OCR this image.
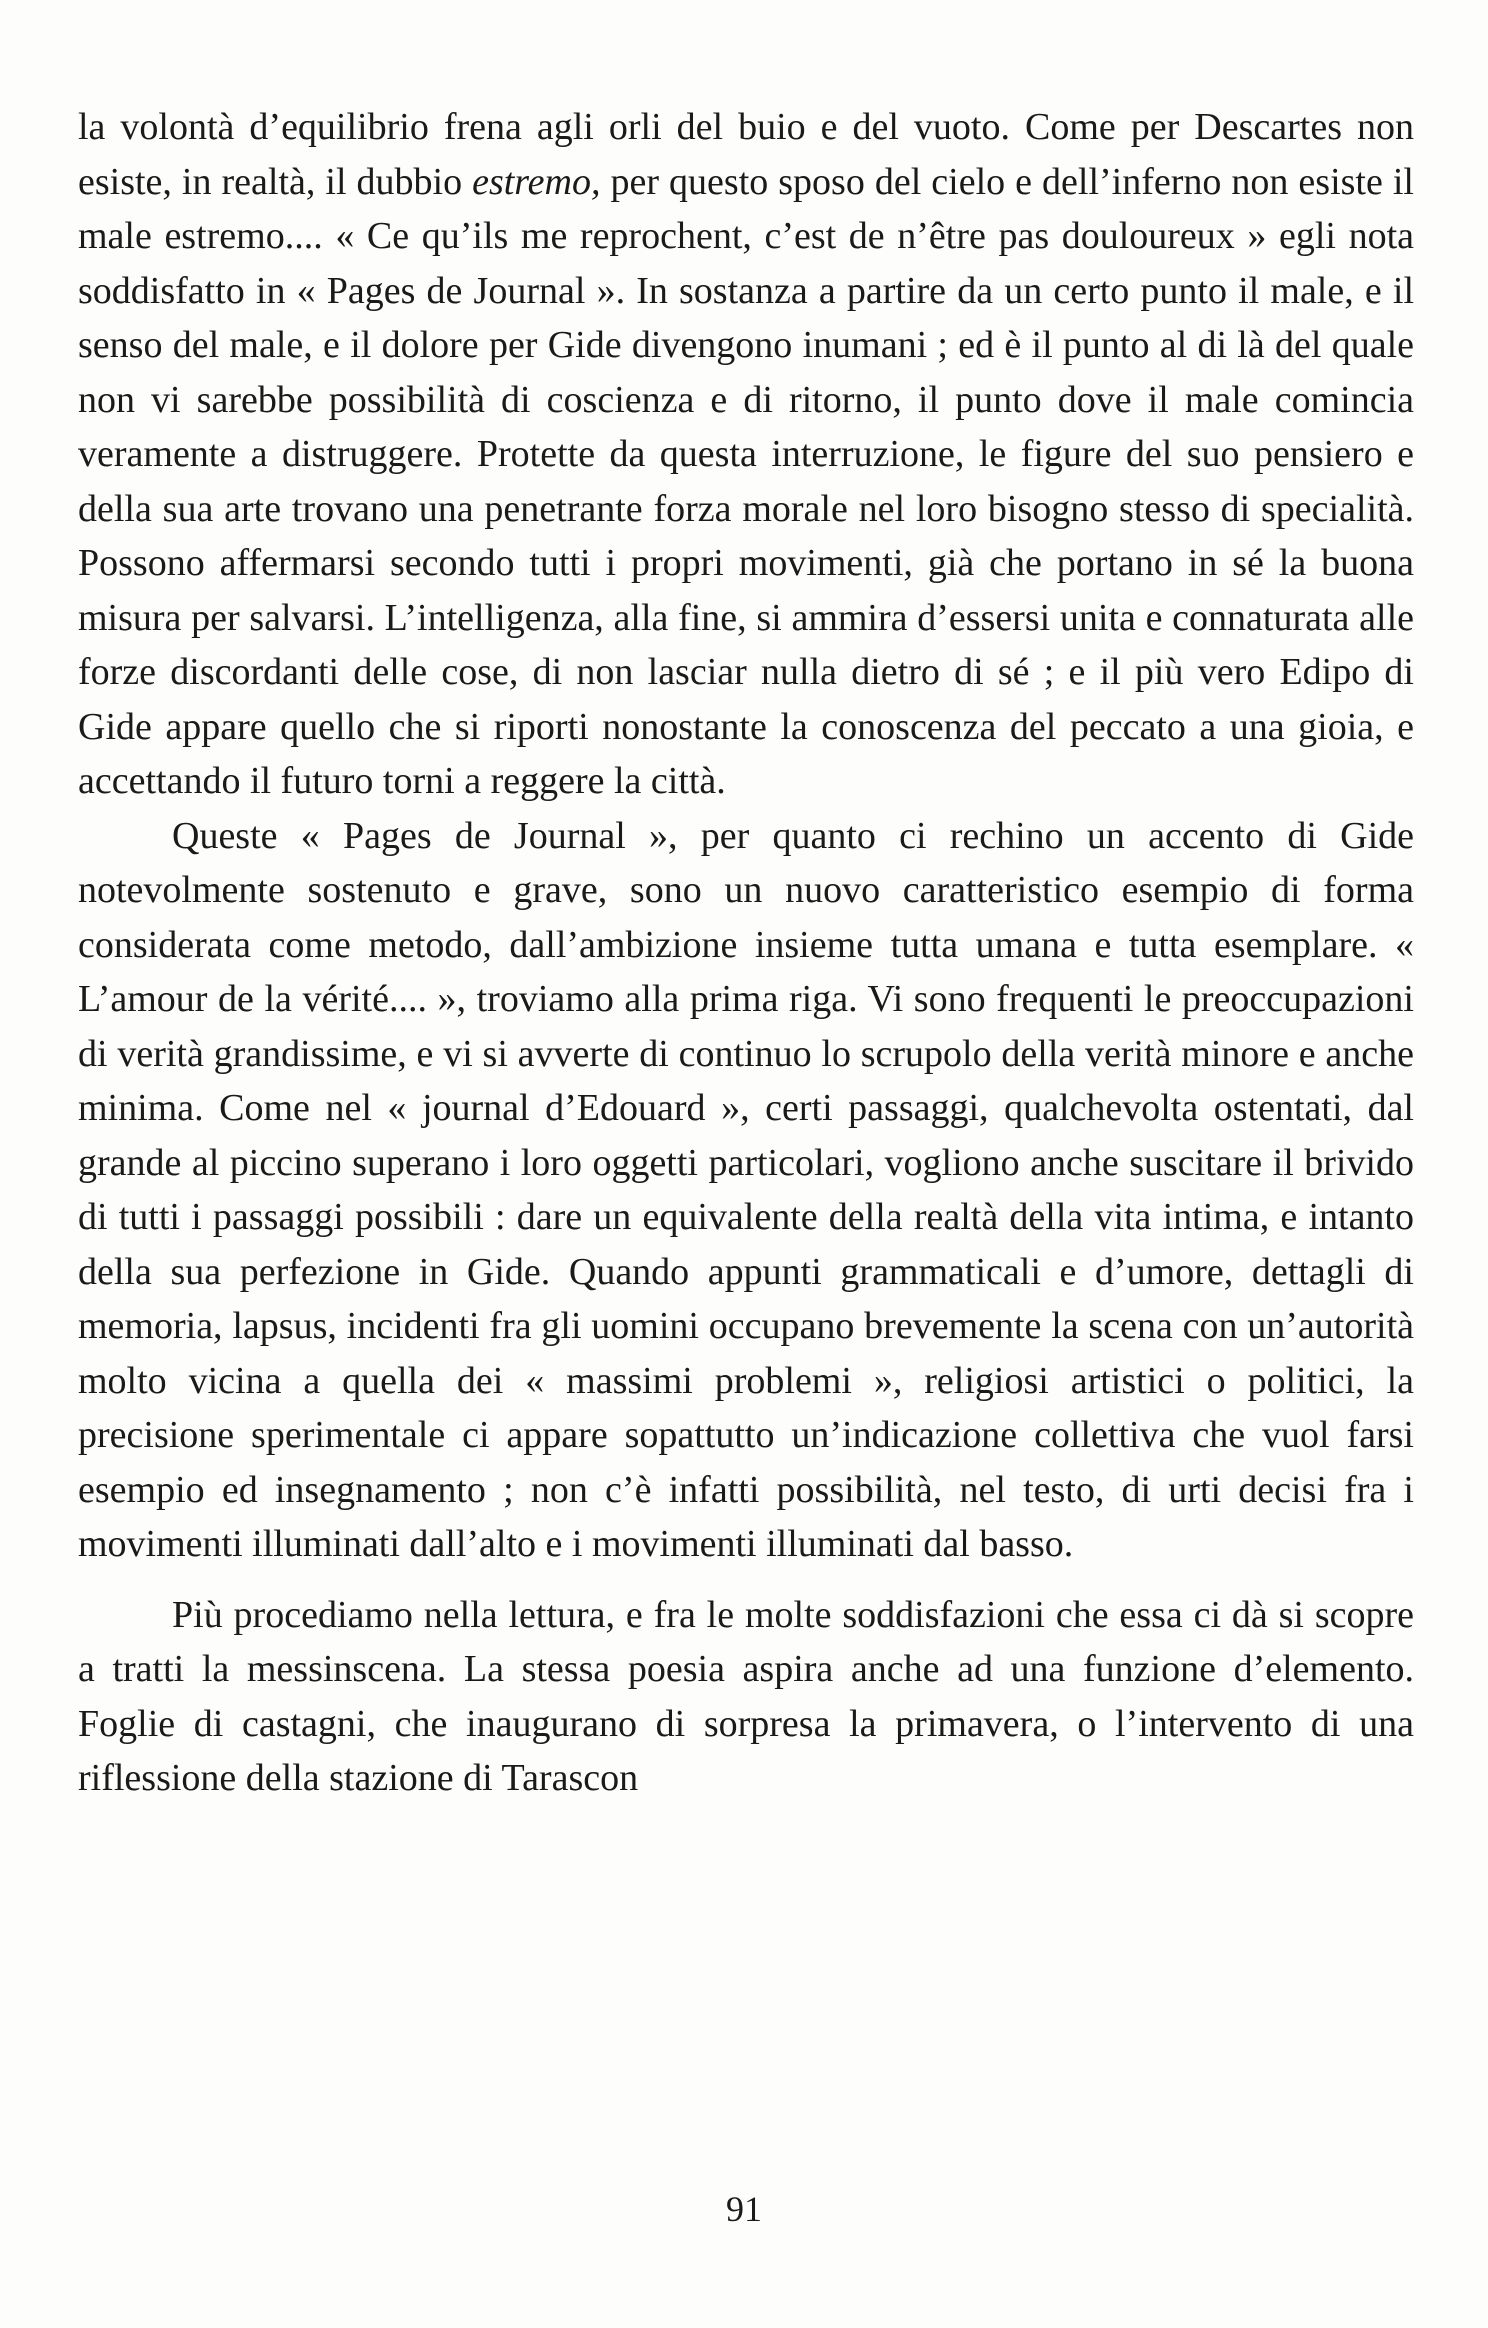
la volontà d’equilibrio frena agli orli del buio e del vuoto. Come per Descartes non esiste, in realtà, il dubbio estremo, per questo sposo del cielo e dell’inferno non esiste il male estremo.... « Ce qu’ils me reprochent, c’est de n’être pas douloureux » egli nota soddisfatto in « Pages de Journal ». In sostanza a partire da un certo punto il male, e il senso del male, e il dolore per Gide divengono inumani ; ed è il punto al di là del quale non vi sarebbe possibilità di coscienza e di ritorno, il punto dove il male comincia veramente a distruggere. Protette da questa interruzione, le figure del suo pensiero e della sua arte trovano una penetrante forza morale nel loro bisogno stesso di specialità. Possono affermarsi secondo tutti i propri movimenti, già che portano in sé la buona misura per salvarsi. L’intelligenza, alla fine, si ammira d’essersi unita e connaturata alle forze discordanti delle cose, di non lasciar nulla dietro di sé ; e il più vero Edipo di Gide appare quello che si riporti nonostante la conoscenza del peccato a una gioia, e accettando il futuro torni a reggere la città.

Queste « Pages de Journal », per quanto ci rechino un accento di Gide notevolmente sostenuto e grave, sono un nuovo caratteristico esempio di forma considerata come metodo, dall’ambizione insieme tutta umana e tutta esemplare. « L’amour de la vérité.... », troviamo alla prima riga. Vi sono frequenti le preoccupazioni di verità grandissime, e vi si avverte di continuo lo scrupolo della verità minore e anche minima. Come nel « journal d’Edouard », certi passaggi, qualchevolta ostentati, dal grande al piccino superano i loro oggetti particolari, vogliono anche suscitare il brivido di tutti i passaggi possibili : dare un equivalente della realtà della vita intima, e intanto della sua perfezione in Gide. Quando appunti grammaticali e d’umore, dettagli di memoria, lapsus, incidenti fra gli uomini occupano brevemente la scena con un’autorità molto vicina a quella dei « massimi problemi », religiosi artistici o politici, la precisione sperimentale ci appare sopattutto un’indicazione collettiva che vuol farsi esempio ed insegnamento ; non c’è infatti possibilità, nel testo, di urti decisi fra i movimenti illuminati dall’alto e i movimenti illuminati dal basso.

Più procediamo nella lettura, e fra le molte soddisfazioni che essa ci dà si scopre a tratti la messinscena. La stessa poesia aspira anche ad una funzione d’elemento. Foglie di castagni, che inaugurano di sorpresa la primavera, o l’intervento di una riflessione della stazione di Tarascon

91
